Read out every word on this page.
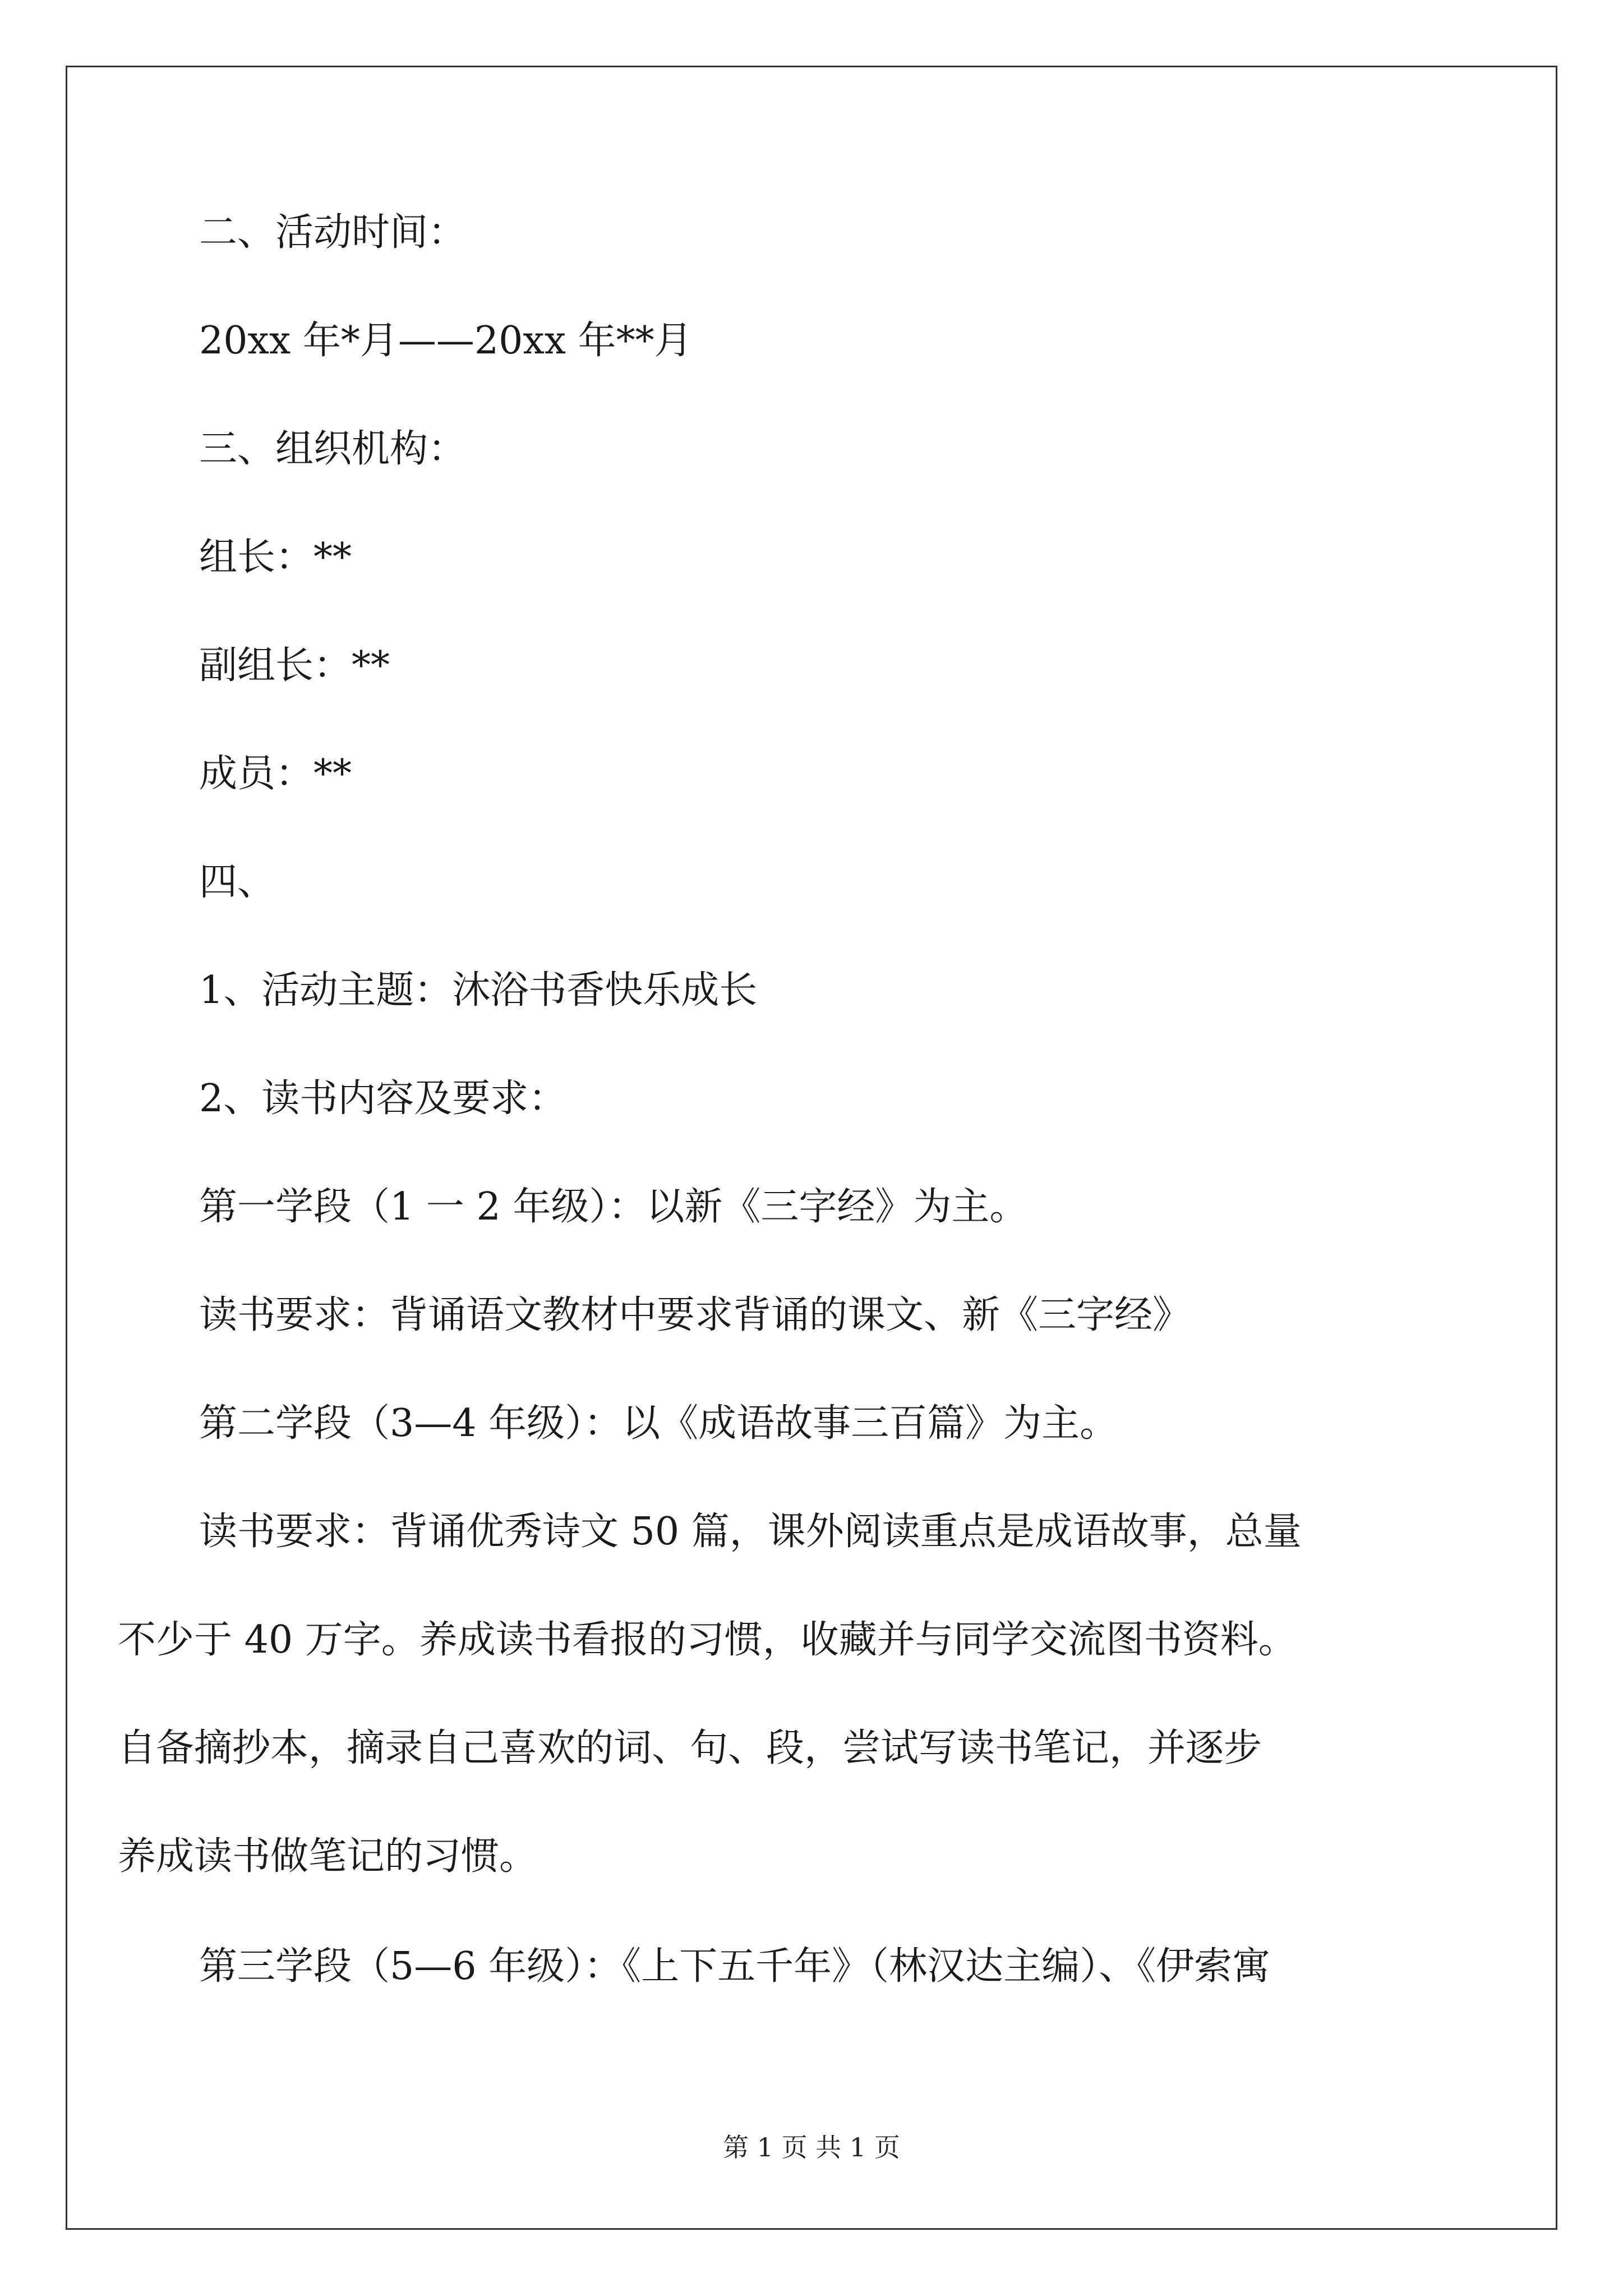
二、活动时间：
20xx 年*月——20xx 年**月
三、组织机构：
组长：**
副组长：**
成员：**
四、
1、活动主题：沐浴书香快乐成长
2、读书内容及要求：
第一学段（1 一 2 年级）：以新《三字经》为主。
读书要求：背诵语文教材中要求背诵的课文、新《三字经》
第二学段（3—4 年级）：以《成语故事三百篇》为主。
读书要求：背诵优秀诗文 50 篇，课外阅读重点是成语故事，总量
不少于 40 万字。养成读书看报的习惯，收藏并与同学交流图书资料。
自备摘抄本，摘录自己喜欢的词、句、段，尝试写读书笔记，并逐步
养成读书做笔记的习惯。
第三学段（5—6 年级）：《上下五千年》（林汉达主编）、《伊索寓
第 1 页 共 1 页
